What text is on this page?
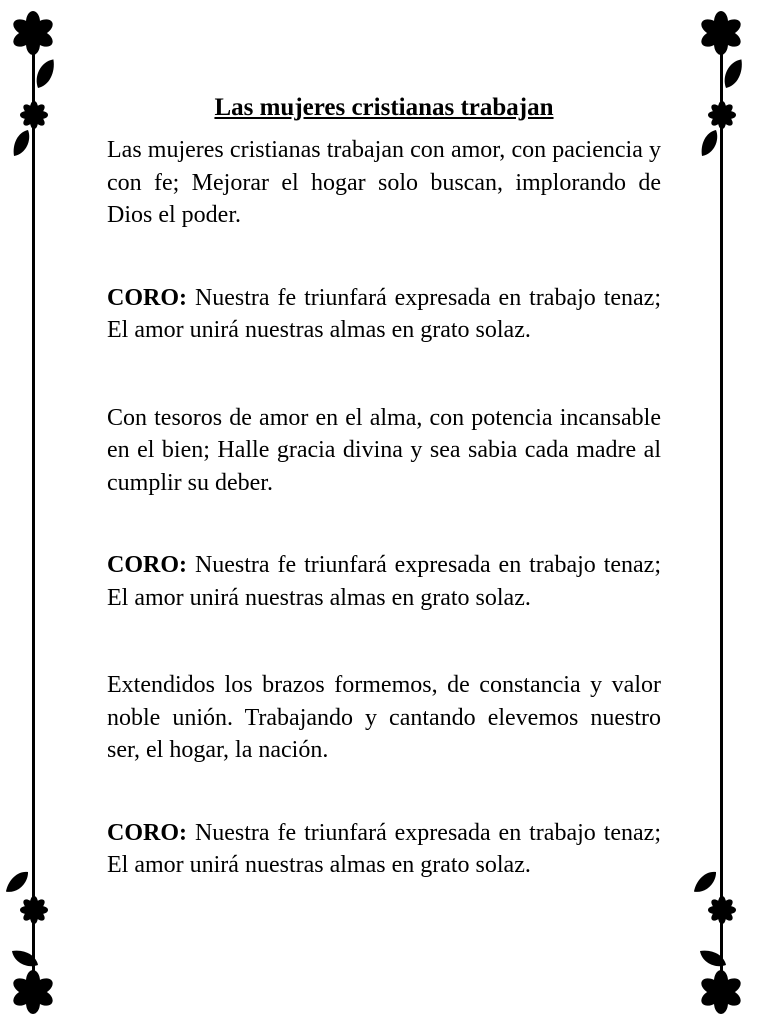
Las mujeres cristianas trabajan

Las mujeres cristianas trabajan con amor, con paciencia y con fe; Mejorar el hogar solo buscan, implorando de Dios el poder.

CORO: Nuestra fe triunfará expresada en trabajo tenaz; El amor unirá nuestras almas en grato solaz.

Con tesoros de amor en el alma, con potencia incansable en el bien; Halle gracia divina y sea sabia cada madre al cumplir su deber.

CORO: Nuestra fe triunfará expresada en trabajo tenaz; El amor unirá nuestras almas en grato solaz.

Extendidos los brazos formemos, de constancia y valor noble unión. Trabajando y cantando elevemos nuestro ser, el hogar, la nación.

CORO: Nuestra fe triunfará expresada en trabajo tenaz; El amor unirá nuestras almas en grato solaz.
